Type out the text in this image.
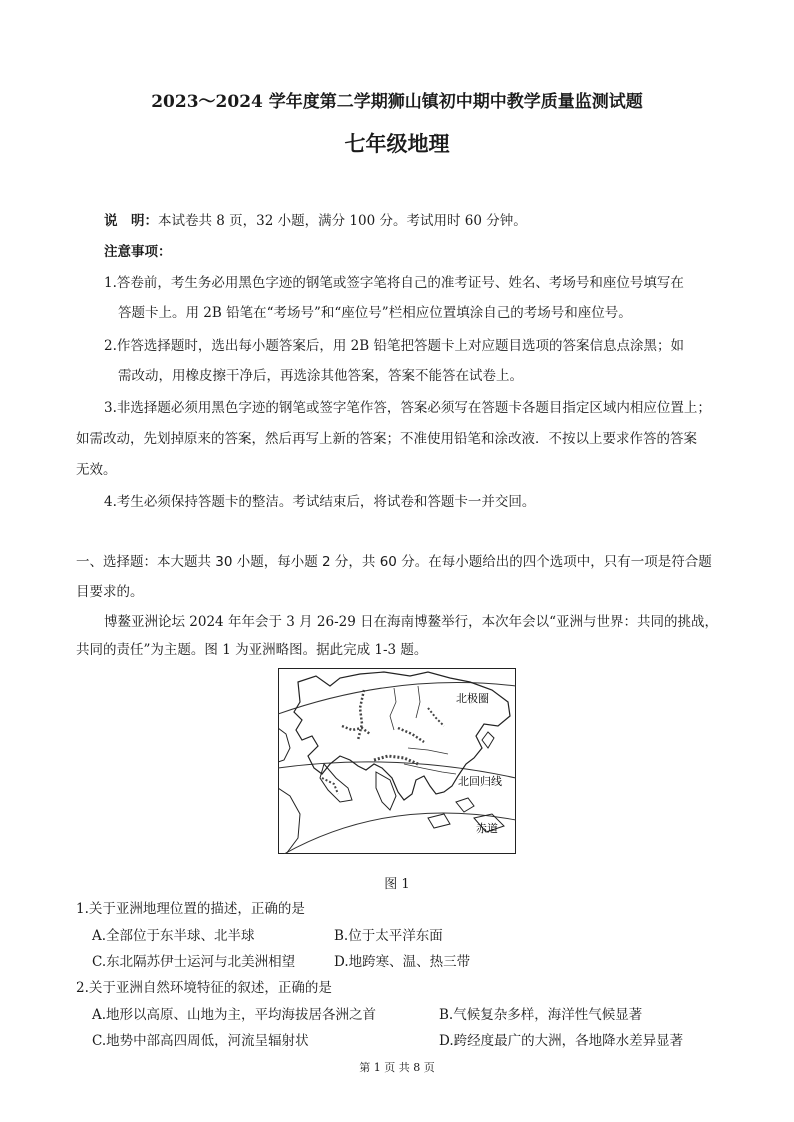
2023～2024 学年度第二学期狮山镇初中期中教学质量监测试题
七年级地理
说　明：本试卷共 8 页，32 小题，满分 100 分。考试用时 60 分钟。
注意事项：
1.答卷前，考生务必用黑色字迹的钢笔或签字笔将自己的准考证号、姓名、考场号和座位号填写在
答题卡上。用 2B 铅笔在“考场号”和“座位号”栏相应位置填涂自己的考场号和座位号。
2.作答选择题时，选出每小题答案后，用 2B 铅笔把答题卡上对应题目选项的答案信息点涂黑；如
需改动，用橡皮擦干净后，再选涂其他答案，答案不能答在试卷上。
3.非选择题必须用黑色字迹的钢笔或签字笔作答，答案必须写在答题卡各题目指定区域内相应位置上；
如需改动，先划掉原来的答案，然后再写上新的答案；不准使用铅笔和涂改液．不按以上要求作答的答案
无效。
4.考生必须保持答题卡的整洁。考试结束后，将试卷和答题卡一并交回。
一、选择题：本大题共 30 小题，每小题 2 分，共 60 分。在每小题给出的四个选项中，只有一项是符合题
目要求的。
博鳌亚洲论坛 2024 年年会于 3 月 26-29 日在海南博鳌举行，本次年会以“亚洲与世界：共同的挑战，
共同的责任”为主题。图 1 为亚洲略图。据此完成 1-3 题。
北极圈
北回归线
赤道
图 1
1.关于亚洲地理位置的描述，正确的是
A.全部位于东半球、北半球	B.位于太平洋东面
C.东北隔苏伊士运河与北美洲相望	D.地跨寒、温、热三带
2.关于亚洲自然环境特征的叙述，正确的是
A.地形以高原、山地为主，平均海拔居各洲之首	B.气候复杂多样，海洋性气候显著
C.地势中部高四周低，河流呈辐射状	D.跨经度最广的大洲，各地降水差异显著
第 1 页 共 8 页
